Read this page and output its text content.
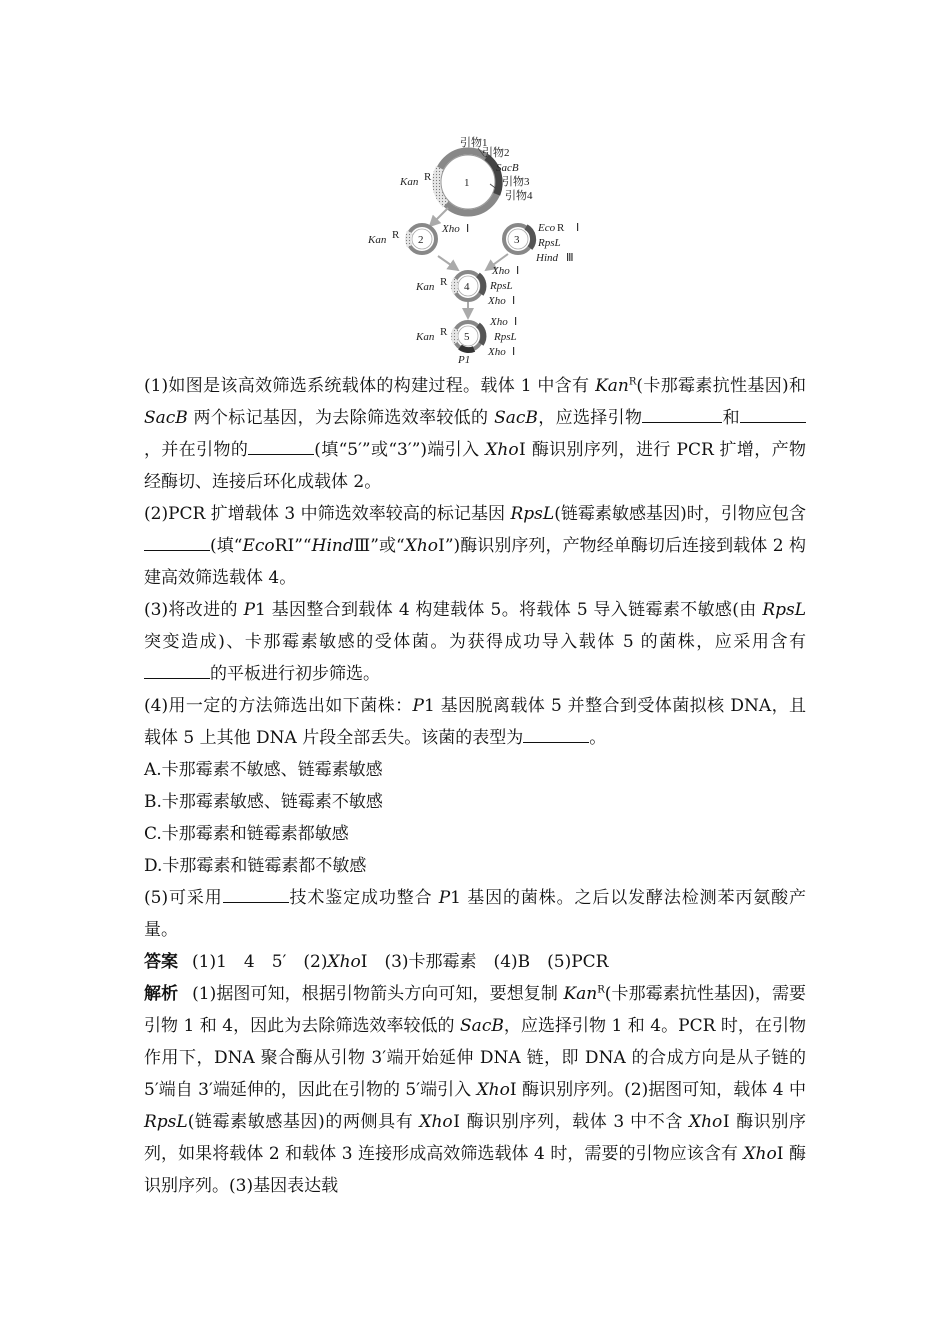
1
引物1
引物2
SacB
引物3
引物4
Kan R
2
Kan R	Xho Ⅰ
3
Eco R Ⅰ
RpsL
Hind Ⅲ
4
Kan R
Xho Ⅰ
RpsL
Xho Ⅰ
5
Kan R
Xho Ⅰ
RpsL
Xho Ⅰ
P1

(1)如图是该高效筛选系统载体的构建过程。载体 1 中含有 Kan$^R$(卡那霉素抗性基因)和 SacB 两个标记基因，为去除筛选效率较低的 SacB，应选择引物	和，并在引物的	(填“5′”或“3′”)端引入 XhoⅠ 酶识别序列，进行 PCR 扩增，产物经酶切、连接后环化成载体 2。

(2)PCR 扩增载体 3 中筛选效率较高的标记基因 RpsL(链霉素敏感基因)时，引物应包含(填“EcoRⅠ”“HindⅢ”或“XhoⅠ”)酶识别序列，产物经单酶切后连接到载体 2 构建高效筛选载体 4。

(3)将改进的 P1 基因整合到载体 4 构建载体 5。将载体 5 导入链霉素不敏感(由 RpsL 突变造成)、卡那霉素敏感的受体菌。为获得成功导入载体 5 的菌株，应采用含有的平板进行初步筛选。

(4)用一定的方法筛选出如下菌株：P1 基因脱离载体 5 并整合到受体菌拟核 DNA，且载体 5 上其他 DNA 片段全部丢失。该菌的表型为	。

A.卡那霉素不敏感、链霉素敏感

B.卡那霉素敏感、链霉素不敏感

C.卡那霉素和链霉素都敏感

D.卡那霉素和链霉素都不敏感

(5)可采用	技术鉴定成功整合 P1 基因的菌株。之后以发酵法检测苯丙氨酸产量。

答案 (1)1　4　5′　(2)XhoⅠ　(3)卡那霉素　(4)B　(5)PCR

解析 (1)据图可知，根据引物箭头方向可知，要想复制 Kan$^R$(卡那霉素抗性基因)，需要引物 1 和 4，因此为去除筛选效率较低的 SacB，应选择引物 1 和 4。PCR 时，在引物作用下，DNA 聚合酶从引物 3′端开始延伸 DNA 链，即 DNA 的合成方向是从子链的 5′端自 3′端延伸的，因此在引物的 5′端引入 XhoⅠ 酶识别序列。(2)据图可知，载体 4 中 RpsL(链霉素敏感基因)的两侧具有 XhoⅠ 酶识别序列，载体 3 中不含 XhoⅠ 酶识别序列，如果将载体 2 和载体 3 连接形成高效筛选载体 4 时，需要的引物应该含有 XhoⅠ 酶识别序列。(3)基因表达载
